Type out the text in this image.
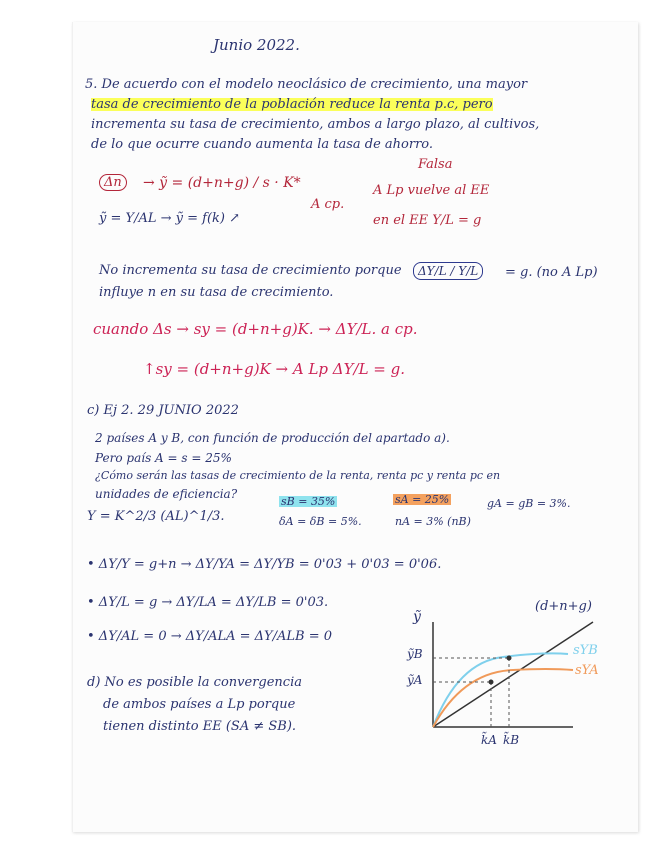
Junio 2022.
5. De acuerdo con el modelo neoclásico de crecimiento, una mayor
tasa de crecimiento de la población reduce la renta p.c, pero
incrementa su tasa de crecimiento, ambos a largo plazo, al cultivos,
de lo que ocurre cuando aumenta la tasa de ahorro.
Falsa
Δn	→ ỹ = (d+n+g) / s · K*
ỹ = Y/AL → ỹ = f(k) ↗
A cp.
A Lp vuelve al EE
en el EE Y/L = g
No incrementa su tasa de crecimiento porque	ΔY/L / Y/L	= g. (no A Lp)
influye n en su tasa de crecimiento.
cuando Δs → sy = (d+n+g)K. → ΔY/L. a cp.
↑sy = (d+n+g)K → A Lp ΔY/L = g.
c) Ej 2. 29 JUNIO 2022
2 países A y B, con función de producción del apartado a).
Pero país A = s = 25%
¿Cómo serán las tasas de crecimiento de la renta, renta pc y renta pc en
unidades de eficiencia?
Y = K^2/3 (AL)^1/3.
sB = 35%
δA = δB = 5%.
sA = 25%
nA = 3% (nB)
gA = gB = 3%.
• ΔY/Y = g+n → ΔY/YA = ΔY/YB = 0'03 + 0'03 = 0'06.
• ΔY/L = g → ΔY/LA = ΔY/LB = 0'03.
• ΔY/AL = 0 → ΔY/ALA = ΔY/ALB = 0
d) No es posible la convergencia
de ambos países a Lp porque
tienen distinto EE (SA ≠ SB).
ỹ
(d+n+g)
sYB
sYA
ỹB
ỹA
k̃A k̃B
